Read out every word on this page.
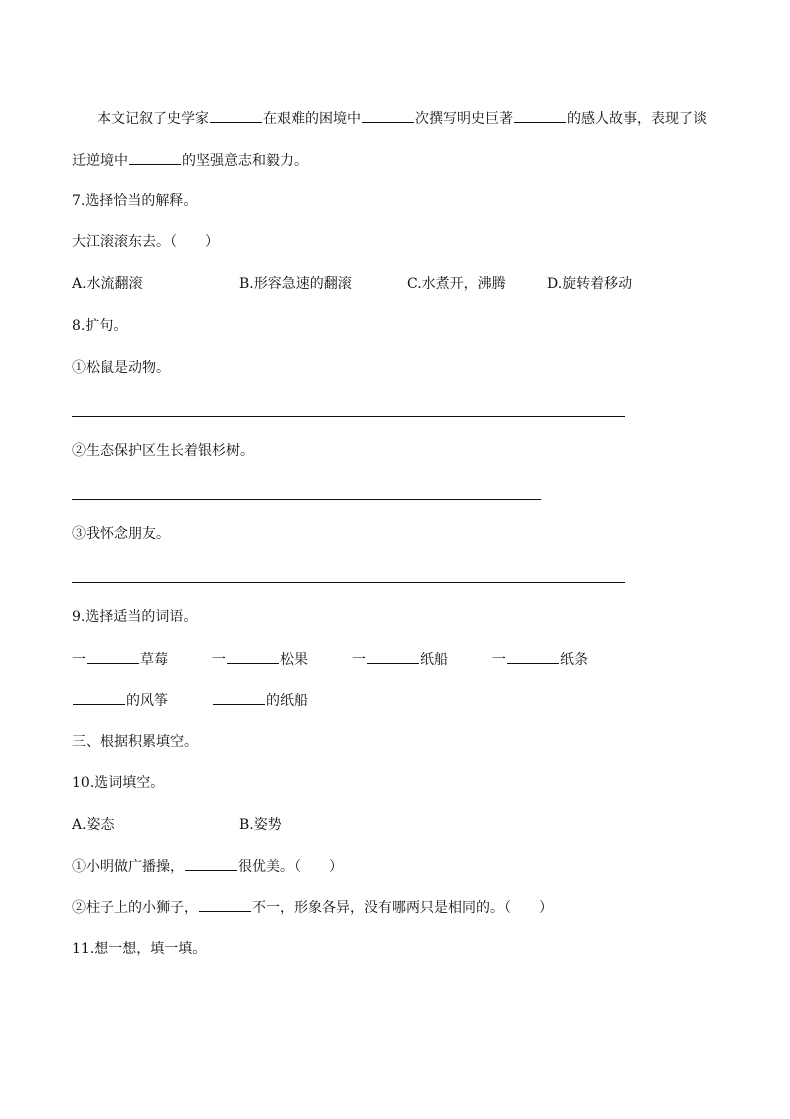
本文记叙了史学家	在艰难的困境中	次撰写明史巨著	的感人故事，表现了谈
迁逆境中	的坚强意志和毅力。
7.选择恰当的解释。
大江滚滚东去。（　　）
A.水流翻滚	B.形容急速的翻滚	C.水煮开，沸腾	D.旋转着移动
8.扩句。
①松鼠是动物。
②生态保护区生长着银杉树。
③我怀念朋友。
9.选择适当的词语。
一	草莓	一	松果	一	纸船	一	纸条
的风筝	的纸船
三、根据积累填空。
10.选词填空。
A.姿态	B.姿势
①小明做广播操，	很优美。（　　）
②柱子上的小狮子，	不一，形象各异，没有哪两只是相同的。（　　）
11.想一想，填一填。
